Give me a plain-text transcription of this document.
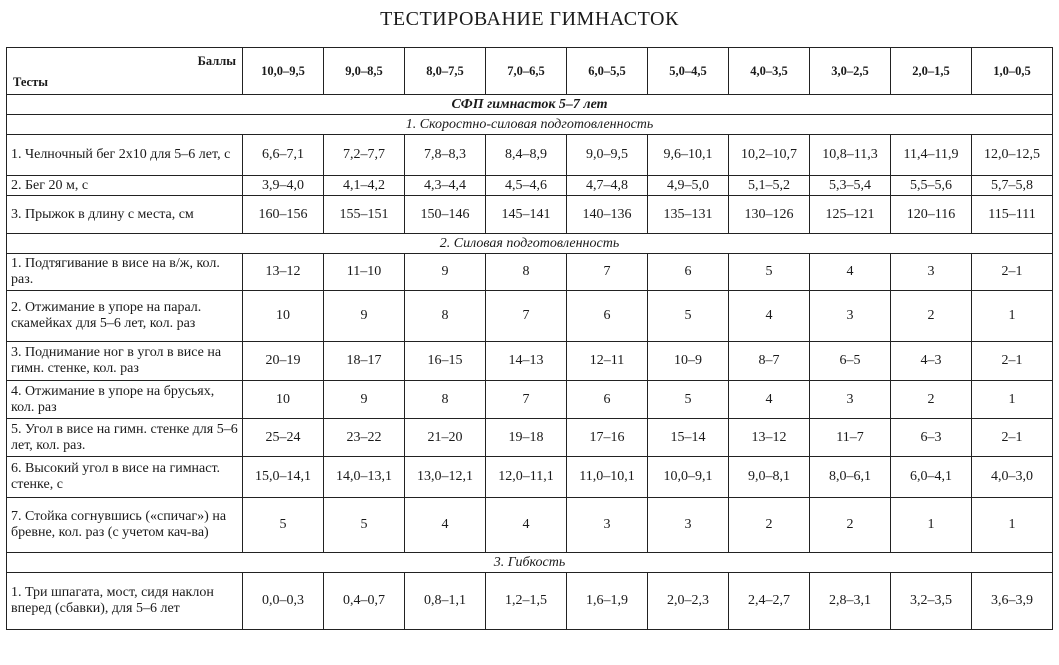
ТЕСТИРОВАНИЕ ГИМНАСТОК
Баллы
Тесты	10,0–9,5	9,0–8,5	8,0–7,5	7,0–6,5	6,0–5,5	5,0–4,5	4,0–3,5	3,0–2,5	2,0–1,5	1,0–0,5
СФП гимнасток 5–7 лет										
1. Скоростно-силовая подготовленность										
1. Челночный бег 2х10 для 5–6 лет, с	6,6–7,1	7,2–7,7	7,8–8,3	8,4–8,9	9,0–9,5	9,6–10,1	10,2–10,7	10,8–11,3	11,4–11,9	12,0–12,5
2. Бег 20 м, с	3,9–4,0	4,1–4,2	4,3–4,4	4,5–4,6	4,7–4,8	4,9–5,0	5,1–5,2	5,3–5,4	5,5–5,6	5,7–5,8
3. Прыжок в длину с места, см	160–156	155–151	150–146	145–141	140–136	135–131	130–126	125–121	120–116	115–111
2. Силовая подготовленность										
1. Подтягивание в висе на в/ж, кол. раз.	13–12	11–10	9	8	7	6	5	4	3	2–1
2. Отжимание в упоре на парал. скамейках для 5–6 лет, кол. раз	10	9	8	7	6	5	4	3	2	1
3. Поднимание ног в угол в висе на гимн. стенке, кол. раз	20–19	18–17	16–15	14–13	12–11	10–9	8–7	6–5	4–3	2–1
4. Отжимание в упоре на брусьях, кол. раз	10	9	8	7	6	5	4	3	2	1
5. Угол в висе на гимн. стенке для 5–6 лет, кол. раз.	25–24	23–22	21–20	19–18	17–16	15–14	13–12	11–7	6–3	2–1
6. Высокий угол в висе на гимнаст. стенке, с	15,0–14,1	14,0–13,1	13,0–12,1	12,0–11,1	11,0–10,1	10,0–9,1	9,0–8,1	8,0–6,1	6,0–4,1	4,0–3,0
7. Стойка согнувшись («спичаг») на бревне, кол. раз (с учетом кач-ва)	5	5	4	4	3	3	2	2	1	1
3. Гибкость										
1. Три шпагата, мост, сидя наклон вперед (сбавки), для 5–6 лет	0,0–0,3	0,4–0,7	0,8–1,1	1,2–1,5	1,6–1,9	2,0–2,3	2,4–2,7	2,8–3,1	3,2–3,5	3,6–3,9
